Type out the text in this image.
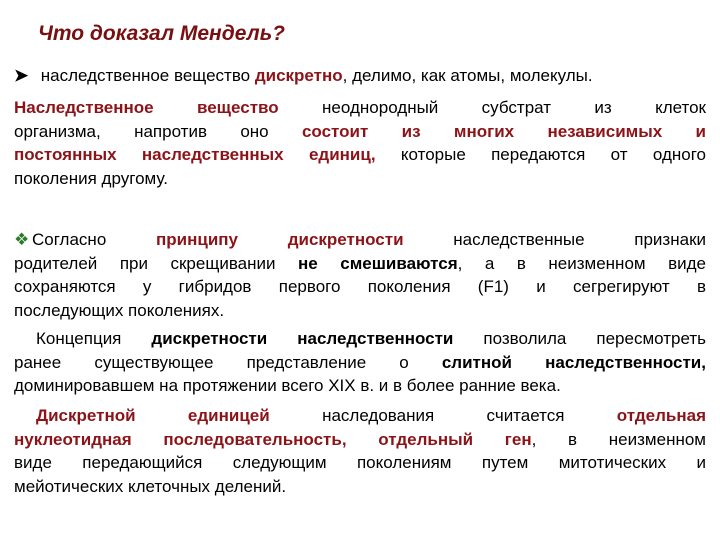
Что доказал Мендель?
➤ наследственное вещество дискретно, делимо, как атомы, молекулы.
Наследственное вещество	неоднородный субстрат из клеток
организма, напротив оно состоит из многих независимых и
постоянных наследственных единиц, которые передаются от одного
поколения другому.
❖ Согласно принципу дискретности наследственные признаки
родителей при скрещивании не смешиваются, а в неизменном виде
сохраняются у гибридов первого поколения (F1) и сегрегируют в
последующих поколениях.
Концепция дискретности наследственности позволила пересмотреть
ранее существующее представление о слитной наследственности,
доминировавшем на протяжении всего XIX в. и в более ранние века.
Дискретной единицей наследования считается отдельная
нуклеотидная последовательность, отдельный ген, в неизменном
виде передающийся следующим поколениям путем митотических и
мейотических клеточных делений.
